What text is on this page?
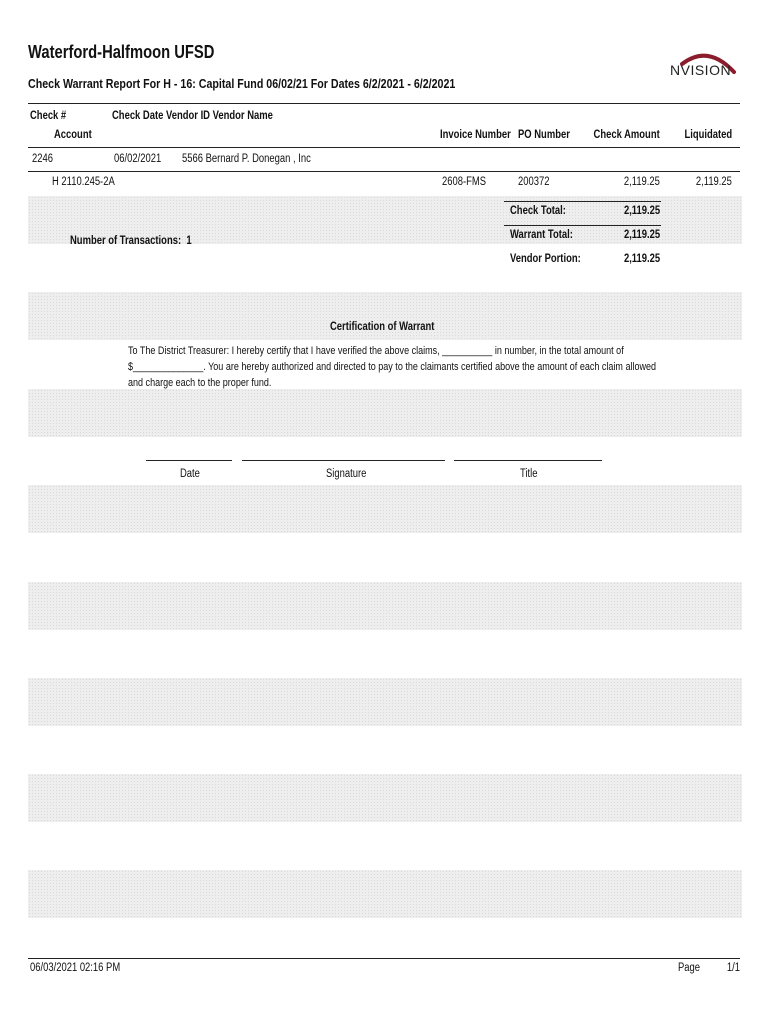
Waterford-Halfmoon UFSD
Check Warrant Report For H - 16: Capital Fund 06/02/21 For Dates 6/2/2021 - 6/2/2021
NVISION
Check #	Check Date Vendor ID Vendor Name
Account	Invoice Number PO Number	Check Amount	Liquidated
2246	06/02/2021	5566 Bernard P. Donegan , Inc
H 2110.245-2A	2608-FMS	200372	2,119.25	2,119.25
Check Total:	2,119.25
Warrant Total:	2,119.25
Number of Transactions: 1
Vendor Portion:	2,119.25
Certification of Warrant
To The District Treasurer: I hereby certify that I have verified the above claims, __________ in number, in the total amount of
$______________. You are hereby authorized and directed to pay to the claimants certified above the amount of each claim allowed
and charge each to the proper fund.
Date	Signature	Title
06/03/2021 02:16 PM	Page	1/1
